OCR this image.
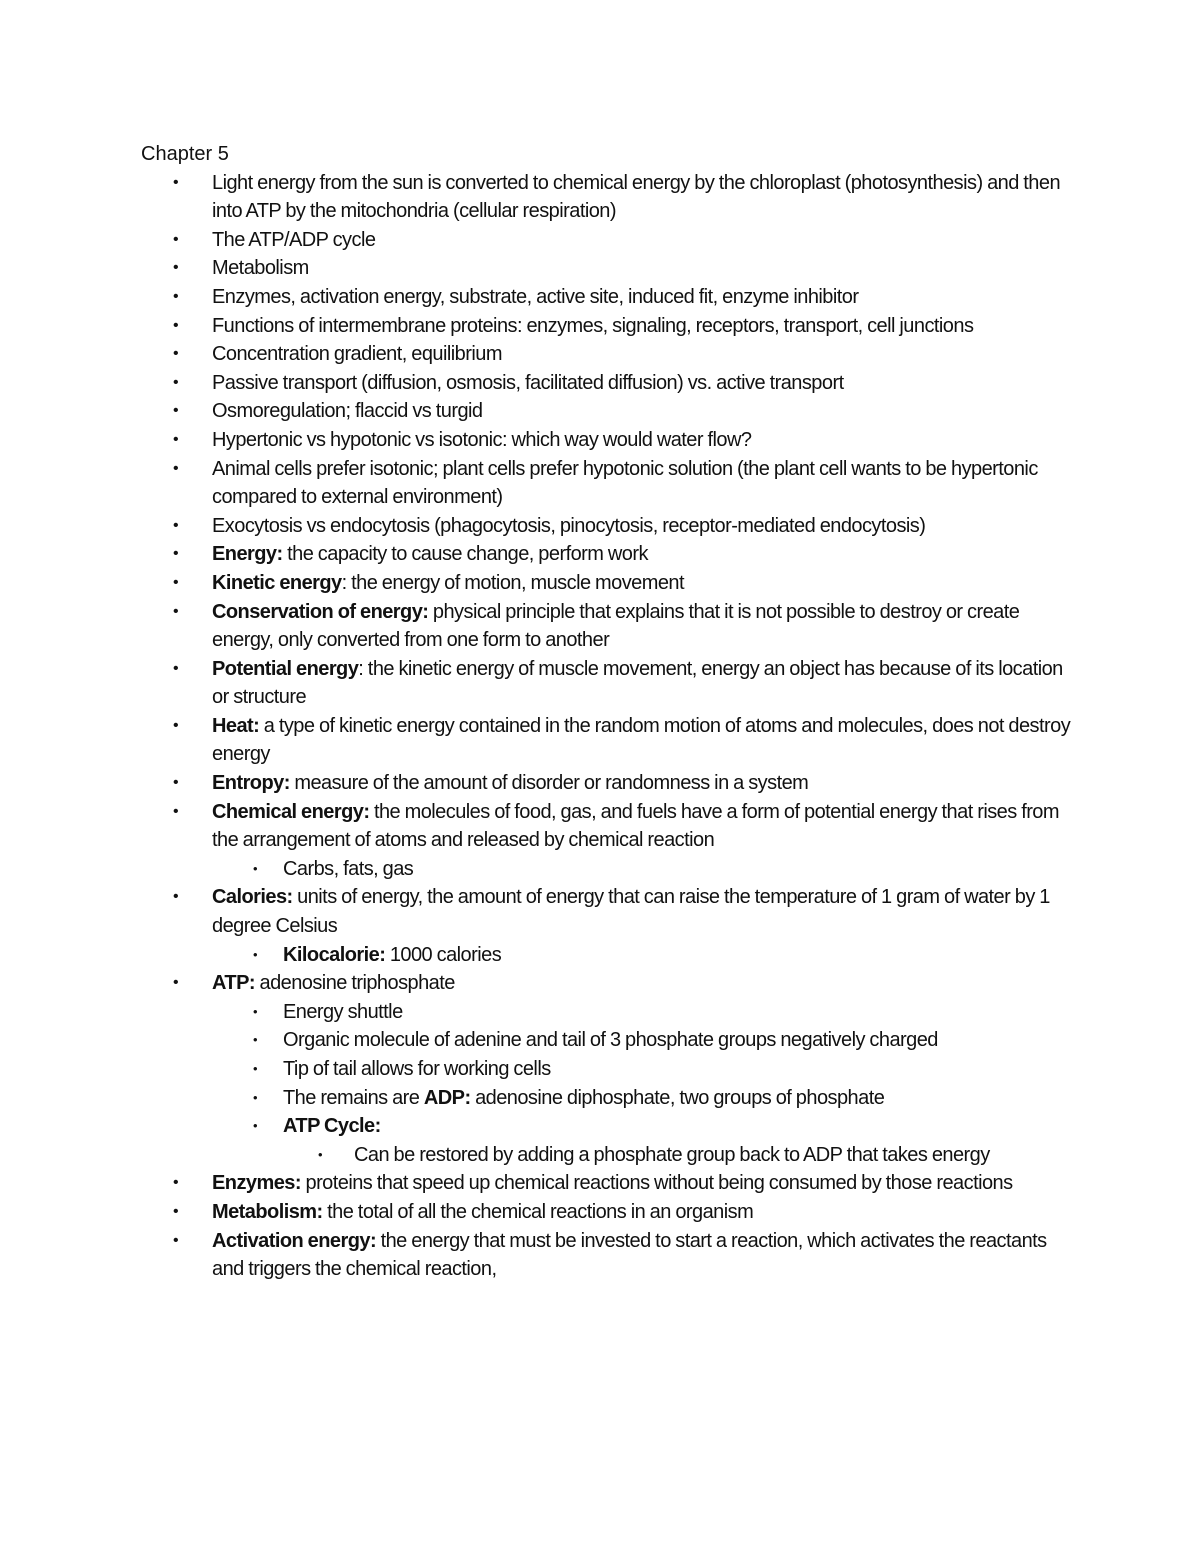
Chapter 5

• Light energy from the sun is converted to chemical energy by the chloroplast (photosynthesis) and then into ATP by the mitochondria (cellular respiration)
• The ATP/ADP cycle
• Metabolism
• Enzymes, activation energy, substrate, active site, induced fit, enzyme inhibitor
• Functions of intermembrane proteins: enzymes, signaling, receptors, transport, cell junctions
• Concentration gradient, equilibrium
• Passive transport (diffusion, osmosis, facilitated diffusion) vs. active transport
• Osmoregulation; flaccid vs turgid
• Hypertonic vs hypotonic vs isotonic: which way would water flow?
• Animal cells prefer isotonic; plant cells prefer hypotonic solution (the plant cell wants to be hypertonic compared to external environment)
• Exocytosis vs endocytosis (phagocytosis, pinocytosis, receptor-mediated endocytosis)
• Energy: the capacity to cause change, perform work
• Kinetic energy: the energy of motion, muscle movement
• Conservation of energy: physical principle that explains that it is not possible to destroy or create energy, only converted from one form to another
• Potential energy: the kinetic energy of muscle movement, energy an object has because of its location or structure
• Heat: a type of kinetic energy contained in the random motion of atoms and molecules, does not destroy energy
• Entropy: measure of the amount of disorder or randomness in a system
• Chemical energy: the molecules of food, gas, and fuels have a form of potential energy that rises from the arrangement of atoms and released by chemical reaction
• Carbs, fats, gas
• Calories: units of energy, the amount of energy that can raise the temperature of 1 gram of water by 1 degree Celsius
• Kilocalorie: 1000 calories
• ATP: adenosine triphosphate
• Energy shuttle
• Organic molecule of adenine and tail of 3 phosphate groups negatively charged
• Tip of tail allows for working cells
• The remains are ADP: adenosine diphosphate, two groups of phosphate
• ATP Cycle:
• Can be restored by adding a phosphate group back to ADP that takes energy
• Enzymes: proteins that speed up chemical reactions without being consumed by those reactions
• Metabolism: the total of all the chemical reactions in an organism
• Activation energy: the energy that must be invested to start a reaction, which activates the reactants and triggers the chemical reaction,
